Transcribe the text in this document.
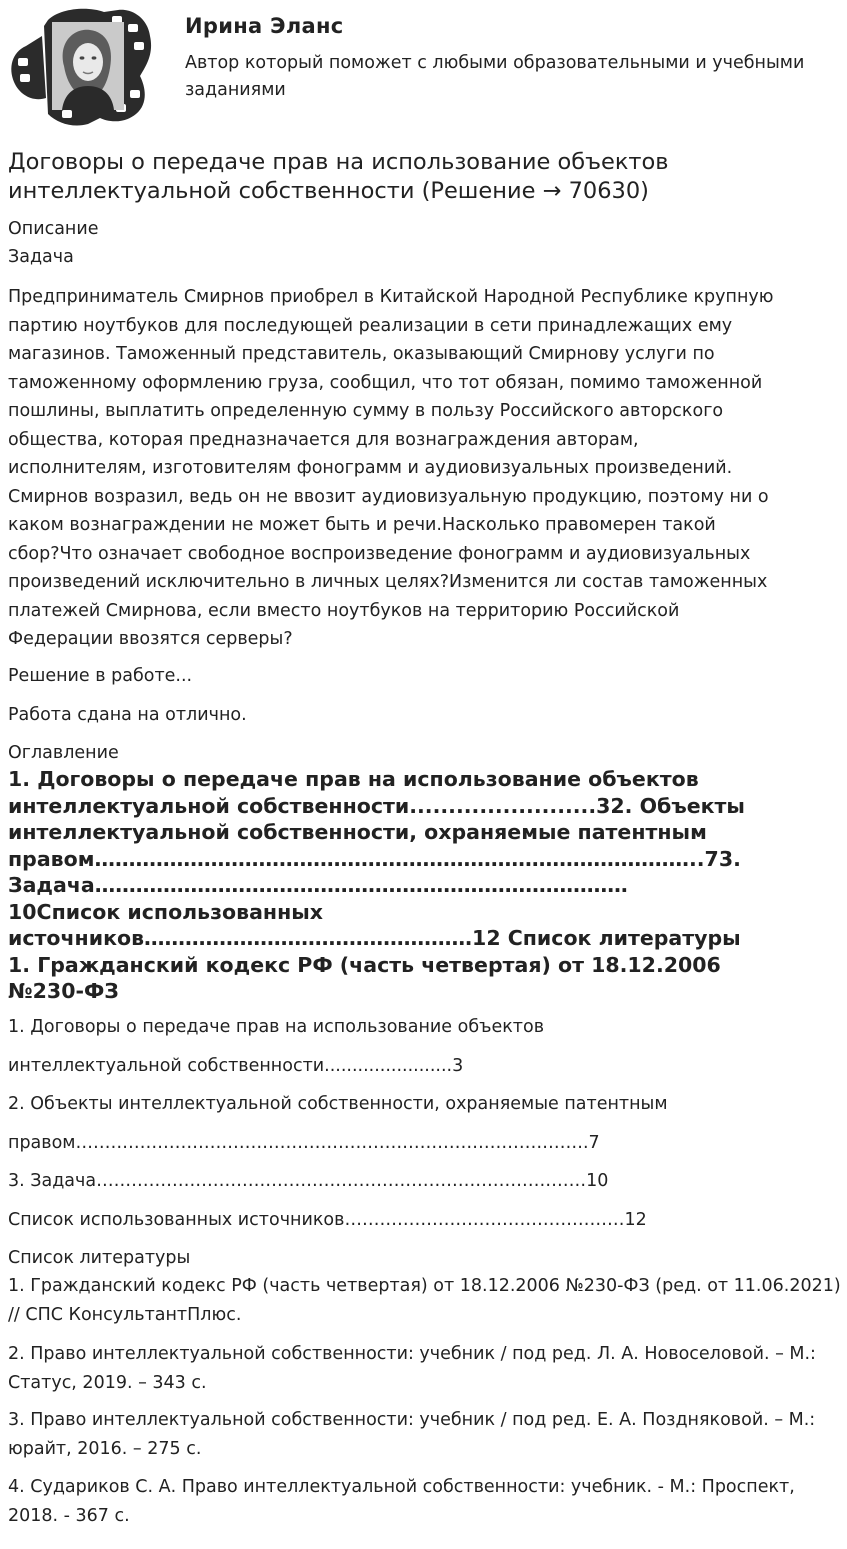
Ирина Эланс
Автор который поможет с любыми образовательными и учебными заданиями
Договоры о передаче прав на использование объектов интеллектуальной собственности (Решение → 70630)
Описание
Задача
Предприниматель Смирнов приобрел в Китайской Народной Республике крупную
партию ноутбуков для последующей реализации в сети принадлежащих ему
магазинов. Таможенный представитель, оказывающий Смирнову услуги по
таможенному оформлению груза, сообщил, что тот обязан, помимо таможенной
пошлины, выплатить определенную сумму в пользу Российского авторского
общества, которая предназначается для вознаграждения авторам,
исполнителям, изготовителям фонограмм и аудиовизуальных произведений.
Смирнов возразил, ведь он не ввозит аудиовизуальную продукцию, поэтому ни о
каком вознаграждении не может быть и речи.Насколько правомерен такой
сбор?Что означает свободное воспроизведение фонограмм и аудиовизуальных
произведений исключительно в личных целях?Изменится ли состав таможенных
платежей Смирнова, если вместо ноутбуков на территорию Российской
Федерации ввозятся серверы?
Решение в работе...
Работа сдана на отлично.
Оглавление
1. Договоры о передаче прав на использование объектов
интеллектуальной собственности........................32. Объекты
интеллектуальной собственности, охраняемые патентным
правом……………………………………………………………………………..73.
Задача……………………………………………………………………
10Список использованных
источников…………………………………………12 Список литературы
1. Гражданский кодекс РФ (часть четвертая) от 18.12.2006
№230-ФЗ
1. Договоры о передаче прав на использование объектов
интеллектуальной собственности.......................3
2. Объекты интеллектуальной собственности, охраняемые патентным
правом…………………………………………………………………………….7
3. Задача…………………………………………………………………………10
Список использованных источников…………………………………………12
Список литературы
1. Гражданский кодекс РФ (часть четвертая) от 18.12.2006 №230-ФЗ (ред. от 11.06.2021) // СПС КонсультантПлюс.
2. Право интеллектуальной собственности: учебник / под ред. Л. А. Новоселовой. – М.: Статус, 2019. – 343 с.
3. Право интеллектуальной собственности: учебник / под ред. Е. А. Поздняковой. – М.: юрайт, 2016. – 275 с.
4. Судариков С. А. Право интеллектуальной собственности: учебник. - М.: Проспект, 2018. - 367 с.
